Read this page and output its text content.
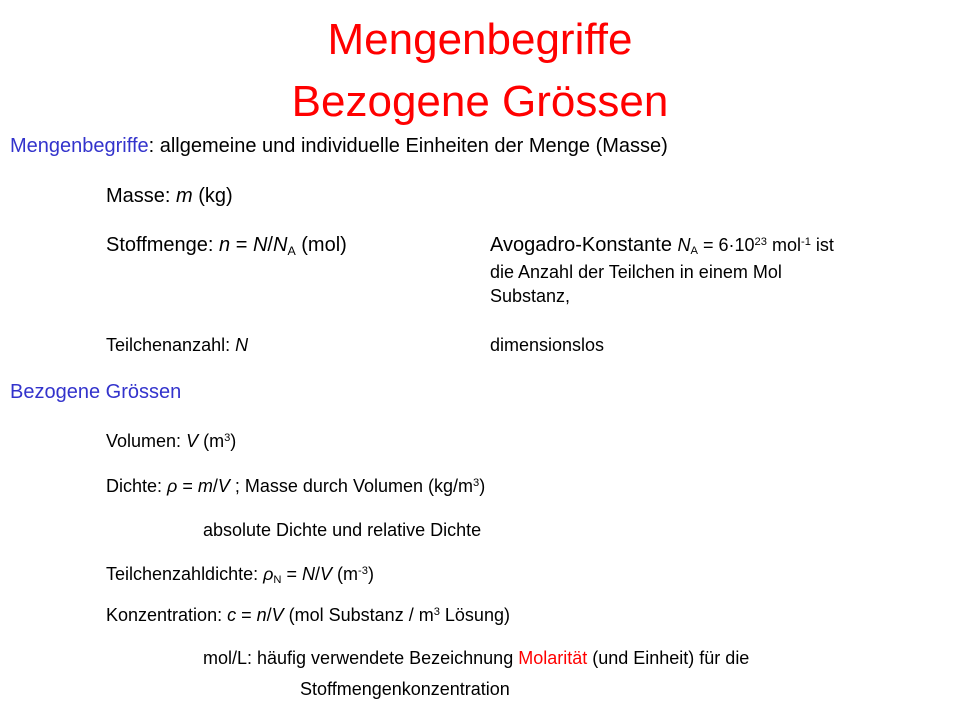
Mengenbegriffe
Bezogene Grössen
Mengenbegriffe: allgemeine und individuelle Einheiten der Menge (Masse)
Masse: m (kg)
Stoffmenge: $n = N/N_A$ (mol)	Avogadro-Konstante $N_A = 6\cdot 10^{23}$ mol$^{-1}$ ist
die Anzahl der Teilchen in einem Mol
Substanz,
Teilchenanzahl: N	dimensionslos
Bezogene Grössen
Volumen: V $(m^3)$
Dichte: ρ = m/V ; Masse durch Volumen $(kg/m^3)$
absolute Dichte und relative Dichte
Teilchenzahldichte: $\rho_N = N/V$ $(m^{-3})$
Konzentration: c = n/V (mol Substanz / $m^3$ Lösung)
mol/L: häufig verwendete Bezeichnung Molarität (und Einheit) für die
Stoffmengenkonzentration
